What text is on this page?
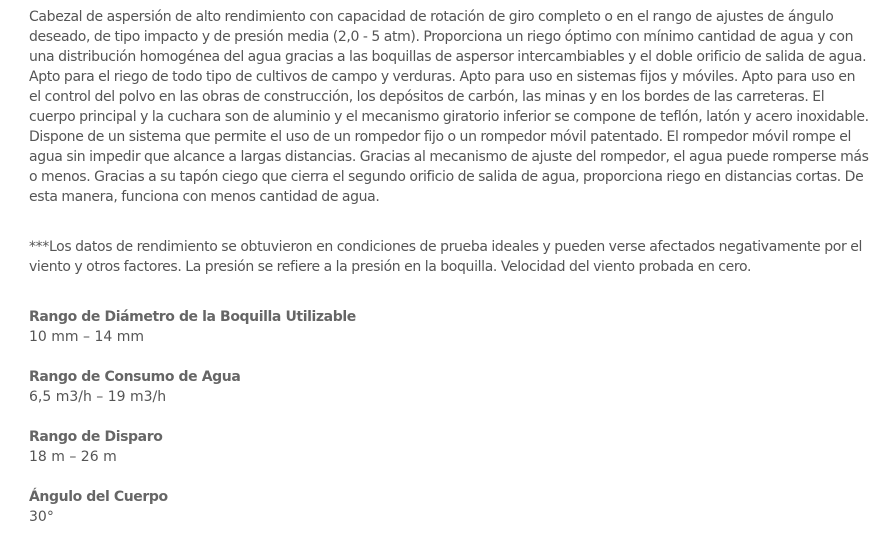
Cabezal de aspersión de alto rendimiento con capacidad de rotación de giro completo o en el rango de ajustes de ángulo deseado, de tipo impacto y de presión media (2,0 - 5 atm). Proporciona un riego óptimo con mínimo cantidad de agua y con una distribución homogénea del agua gracias a las boquillas de aspersor intercambiables y el doble orificio de salida de agua. Apto para el riego de todo tipo de cultivos de campo y verduras. Apto para uso en sistemas fijos y móviles. Apto para uso en el control del polvo en las obras de construcción, los depósitos de carbón, las minas y en los bordes de las carreteras. El cuerpo principal y la cuchara son de aluminio y el mecanismo giratorio inferior se compone de teflón, latón y acero inoxidable. Dispone de un sistema que permite el uso de un rompedor fijo o un rompedor móvil patentado. El rompedor móvil rompe el agua sin impedir que alcance a largas distancias. Gracias al mecanismo de ajuste del rompedor, el agua puede romperse más o menos. Gracias a su tapón ciego que cierra el segundo orificio de salida de agua, proporciona riego en distancias cortas. De esta manera, funciona con menos cantidad de agua.

***Los datos de rendimiento se obtuvieron en condiciones de prueba ideales y pueden verse afectados negativamente por el viento y otros factores. La presión se refiere a la presión en la boquilla. Velocidad del viento probada en cero.

Rango de Diámetro de la Boquilla Utilizable
10 mm – 14 mm
Rango de Consumo de Agua
6,5 m3/h – 19 m3/h
Rango de Disparo
18 m – 26 m
Ángulo del Cuerpo
30°
